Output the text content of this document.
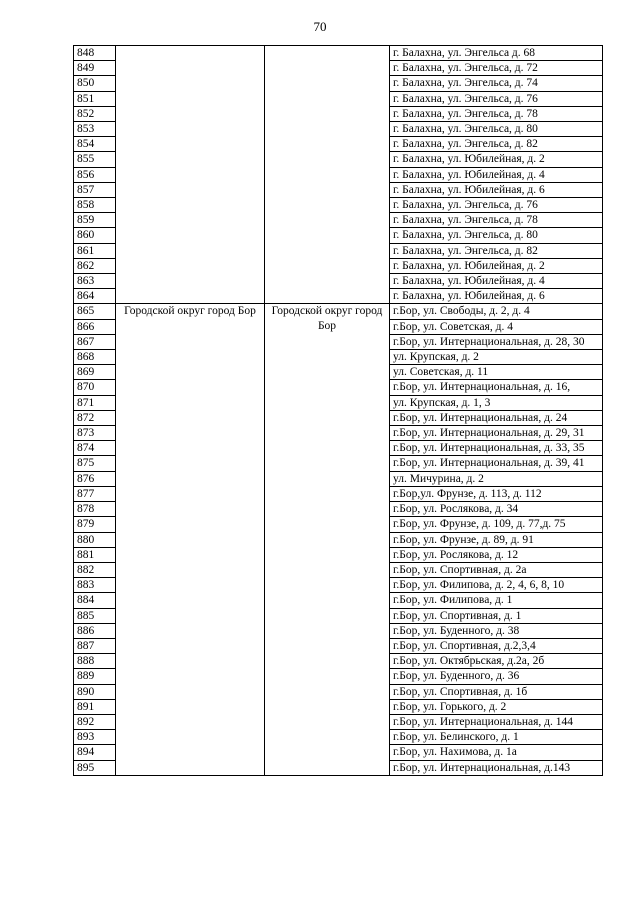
70
848			г. Балахна, ул. Энгельса д. 68
849			г. Балахна, ул. Энгельса, д. 72
850			г. Балахна, ул. Энгельса, д. 74
851			г. Балахна, ул. Энгельса, д. 76
852			г. Балахна, ул. Энгельса, д. 78
853			г. Балахна, ул. Энгельса, д. 80
854			г. Балахна, ул. Энгельса, д. 82
855			г. Балахна, ул. Юбилейная, д. 2
856			г. Балахна, ул. Юбилейная, д. 4
857			г. Балахна, ул. Юбилейная, д. 6
858			г. Балахна, ул. Энгельса, д. 76
859			г. Балахна, ул. Энгельса, д. 78
860			г. Балахна, ул. Энгельса, д. 80
861			г. Балахна, ул. Энгельса, д. 82
862			г. Балахна, ул. Юбилейная, д. 2
863			г. Балахна, ул. Юбилейная, д. 4
864			г. Балахна, ул. Юбилейная, д. 6
865	Городской округ город Бор	Городской округ город Бор	г.Бор, ул. Свободы, д. 2, д. 4
866			г.Бор, ул. Советская, д. 4
867			г.Бор, ул. Интернациональная, д. 28, 30
868			ул. Крупская, д. 2
869			ул. Советская, д. 11
870			г.Бор, ул. Интернациональная, д. 16,
871			ул. Крупская, д. 1, 3
872			г.Бор, ул. Интернациональная, д. 24
873			г.Бор, ул. Интернациональная, д. 29, 31
874			г.Бор, ул. Интернациональная, д. 33, 35
875			г.Бор, ул. Интернациональная, д. 39, 41
876			ул. Мичурина, д. 2
877			г.Бор,ул. Фрунзе, д. 113, д. 112
878			г.Бор, ул. Рослякова, д. 34
879			г.Бор, ул. Фрунзе, д. 109, д. 77,д. 75
880			г.Бор, ул. Фрунзе, д. 89, д. 91
881			г.Бор, ул. Рослякова, д. 12
882			г.Бор, ул. Спортивная, д. 2а
883			г.Бор, ул. Филипова, д. 2, 4, 6, 8, 10
884			г.Бор, ул. Филипова, д. 1
885			г.Бор, ул. Спортивная, д. 1
886			г.Бор, ул. Буденного, д. 38
887			г.Бор, ул. Спортивная, д.2,3,4
888			г.Бор, ул. Октябрьская, д.2а, 2б
889			г.Бор, ул. Буденного, д. 36
890			г.Бор, ул. Спортивная, д. 1б
891			г.Бор, ул. Горького, д. 2
892			г.Бор, ул. Интернациональная, д. 144
893			г.Бор, ул. Белинского, д. 1
894			г.Бор, ул. Нахимова, д. 1а
895			г.Бор, ул. Интернациональная, д.143
